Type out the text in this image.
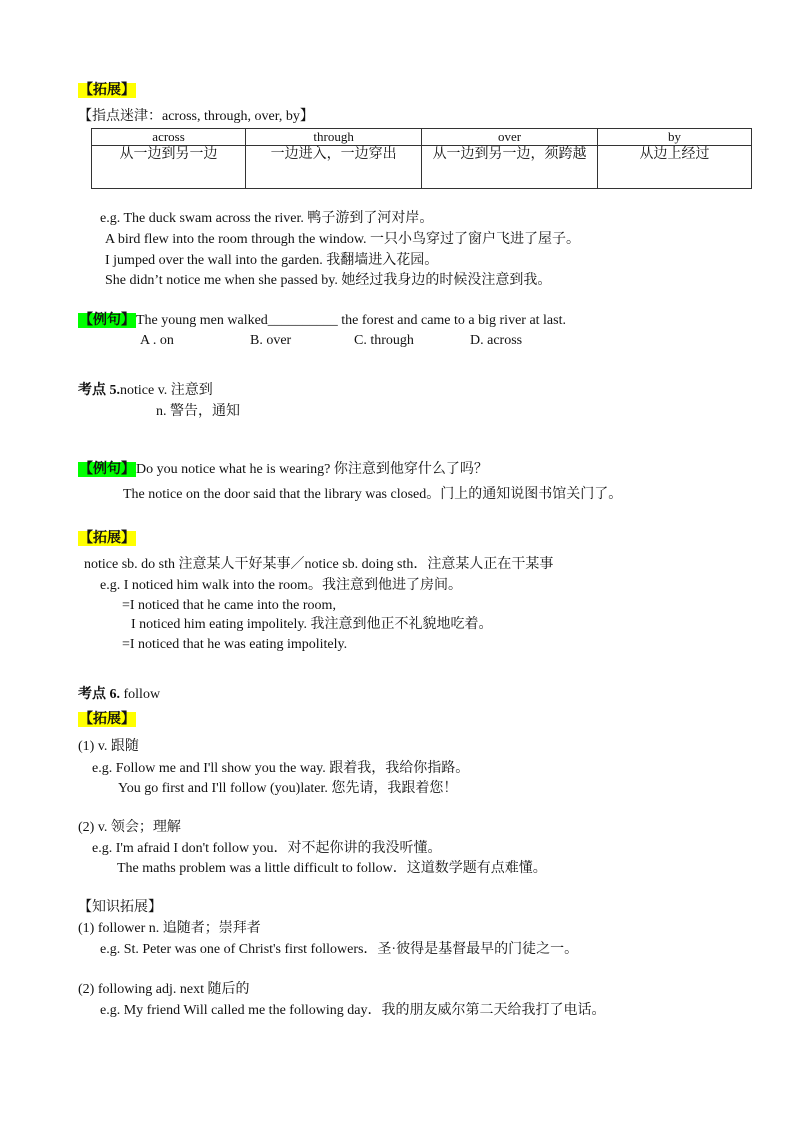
【拓展】
【指点迷津：across, through, over, by】
across	through	over	by
从一边到另一边	一边进入，一边穿出	从一边到另一边，须跨越	从边上经过
e.g. The duck swam across the river. 鸭子游到了河对岸。
A bird flew into the room through the window. 一只小鸟穿过了窗户飞进了屋子。
I jumped over the wall into the garden. 我翻墙进入花园。
She didn’t notice me when she passed by. 她经过我身边的时候没注意到我。
【例句】The young men walked__________ the forest and came to a big river at last.
A . on	B. over	C. through	D. across
考点 5.notice v. 注意到
n. 警告，通知
【例句】Do you notice what he is wearing? 你注意到他穿什么了吗？
The notice on the door said that the library was closed。门上的通知说图书馆关门了。
【拓展】
notice sb. do sth 注意某人干好某事／notice sb. doing sth．注意某人正在干某事
e.g. I noticed him walk into the room。我注意到他进了房间。
=I noticed that he came into the room,
I noticed him eating impolitely. 我注意到他正不礼貌地吃着。
=I noticed that he was eating impolitely.
考点 6. follow
【拓展】
(1) v. 跟随
e.g. Follow me and I'll show you the way. 跟着我，我给你指路。
You go first and I'll follow (you)later. 您先请，我跟着您！
(2) v. 领会；理解
e.g. I'm afraid I don't follow you．对不起你讲的我没听懂。
The maths problem was a little difficult to follow．这道数学题有点难懂。
【知识拓展】
(1) follower n. 追随者；崇拜者
e.g. St. Peter was one of Christ's first followers．圣·彼得是基督最早的门徒之一。
(2) following adj. next 随后的
e.g. My friend Will called me the following day．我的朋友威尔第二天给我打了电话。
